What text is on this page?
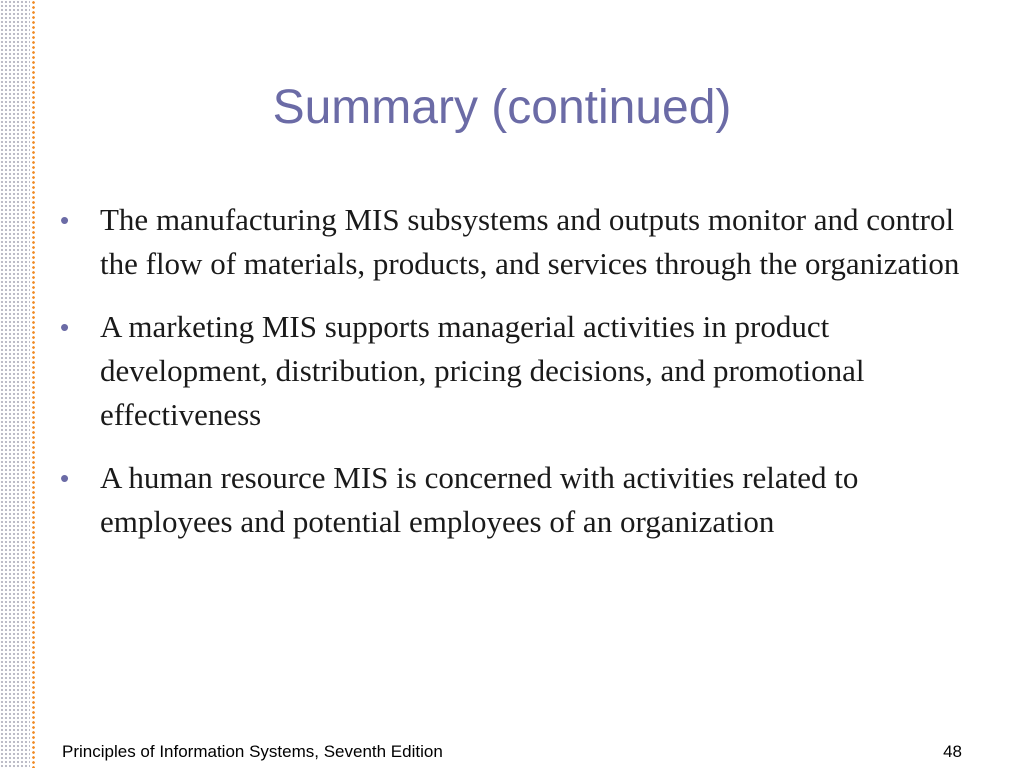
Summary (continued)
• The manufacturing MIS subsystems and outputs monitor and control the flow of materials, products, and services through the organization
• A marketing MIS supports managerial activities in product development, distribution, pricing decisions, and promotional effectiveness
• A human resource MIS is concerned with activities related to employees and potential employees of an organization
Principles of Information Systems, Seventh Edition	48
